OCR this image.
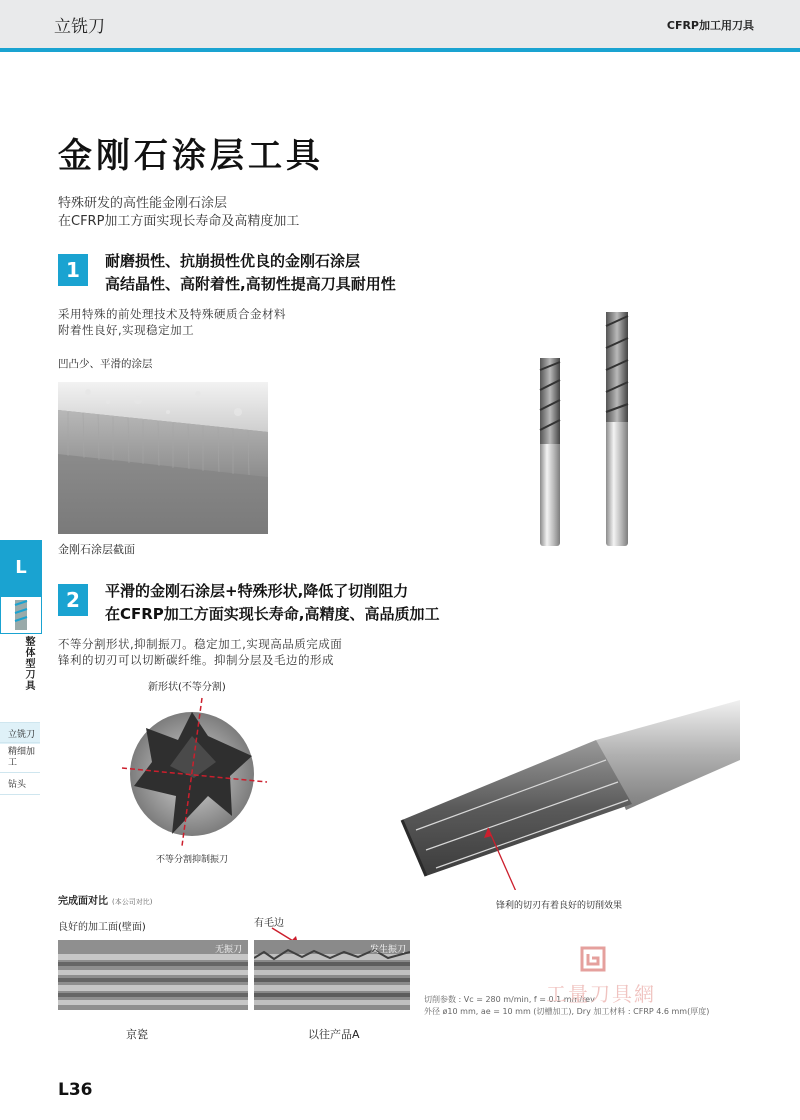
立铣刀	CFRP加工用刀具
金刚石涂层工具
特殊研发的高性能金刚石涂层
在CFRP加工方面实现长寿命及高精度加工
1	耐磨损性、抗崩损性优良的金刚石涂层
高结晶性、高附着性,高韧性提高刀具耐用性
采用特殊的前处理技术及特殊硬质合金材料
附着性良好,实现稳定加工
凹凸少、平滑的涂层
金刚石涂层截面
2	平滑的金刚石涂层+特殊形状,降低了切削阻力
在CFRP加工方面实现长寿命,高精度、高品质加工
不等分割形状,抑制振刀。稳定加工,实现高品质完成面
锋利的切刃可以切断碳纤维。抑制分层及毛边的形成
新形状(不等分割)
不等分割抑制振刀
锋利的切刃有着良好的切削效果
完成面对比 (本公司对比)
良好的加工面(壁面)	有毛边
无振刀	发生振刀
京瓷	以往产品A
切削参数 : Vc = 280 m/min, f = 0.1 mm/rev
外径 ø10 mm, ae = 10 mm (切槽加工), Dry 加工材料 : CFRP 4.6 mm(厚度)
工量刀具網
L
整体型刀具
立铣刀
精细加工
钻头
L36
